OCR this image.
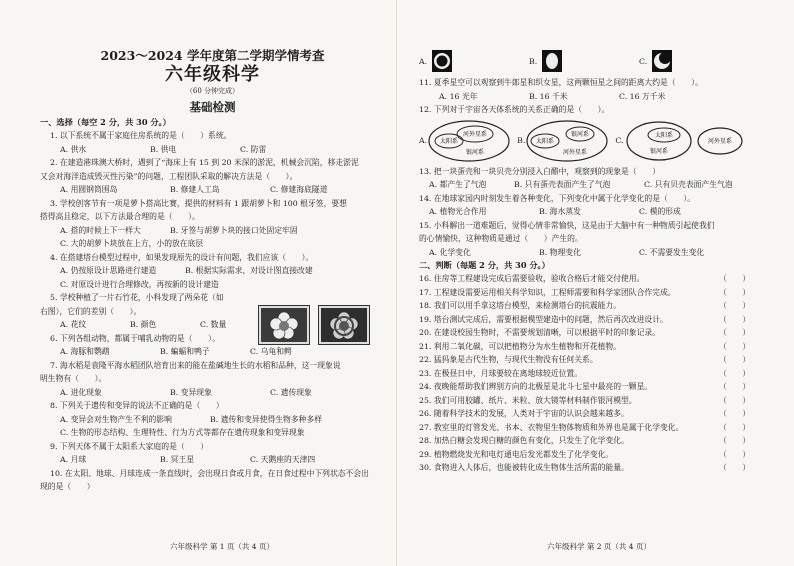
2023～2024 学年度第二学期学情考查

六年级科学

（60 分钟完成）

基础检测

一、选择（每空 2 分，共 30 分。）

1. 以下系统不属于家庭住房系统的是（　　）系统。
A. 供水	B. 供电	C. 防雷
2. 在建造港珠澳大桥时，遇到了“海床上有 15 到 20 米深的淤泥，机械会沉陷，移走淤泥
又会对海洋造成毁灭性污染”的问题，工程团队采取的解决方法是（　　）。
A. 用圆钢筒围岛	B. 修建人工岛	C. 修建海底隧道
3. 学校创客节有一项是萝卜搭高比赛，提供的材料有 1 跟胡萝卜和 100 根牙签，要想
搭得高且稳定，以下方法最合理的是（　　）。
A. 搭的时候上下一样大	B. 牙签与胡萝卜块的接口处固定牢固
C. 大的胡萝卜块放在上方，小的放在底层
4. 在搭建塔台模型过程中，如果发现原先的设计有问题，我们应该（　　）。
A. 仍按原设计思路进行建造	B. 根据实际需求，对设计图直接改建
C. 对原设计进行合理修改，再按新的设计建造
5. 学校种植了一片石竹花，小科发现了两朵花（如
右图），它们的差别（　　）。
A. 花纹	B. 颜色	C. 数量
6. 下列各组动物，都属于哺乳动物的是（　　）。
A. 海豚和鹦鹉	B. 蝙蝠和鸭子	C. 乌龟和鳄
7. 海水稻是袁隆平海水稻团队培育出来的能在盐碱地生长的水稻和品种，这一现象说
明生物有（　　）。
A. 进化现象	B. 变异现象	C. 遗传现象
8. 下列关于遗传和变异的说法不正确的是（　　）
A. 变异会对生物产生不利的影响	B. 遗传和变异使得生物多种多样
C. 生物的形态结构、生理特性、行为方式等都存在遗传现象和变异现象
9. 下列天体不属于太阳系大家庭的是（　　）
A. 月球	B. 冥王星	C. 天鹅座的天津四
10. 在太阳、地球、月球连成一条直线时，会出现日食或月食，在日食过程中下列状态不会出
现的是（　　）
六年级科学 第 1 页（共 4 页）
A.	B.	C.
11. 夏季星空可以观察到牛郎星和织女星，这两颗恒星之间的距离大约是（　　）。
A. 16 光年	B. 16 千米	C. 16 万千米
12. 下列对于宇宙各天体系统的关系正确的是（　　）。
A.
河外星系
太阳系
银河系
B. 太阳系
银河系
河外星系
C.
太阳系
银河系
河外星系
13. 把一块蛋壳和一块贝壳分别浸入白醋中，观察到的现象是（　　）
A. 都产生了气泡	B. 只有蛋壳表面产生了气泡	C. 只有贝壳表面产生气泡
14. 在地球家园内时刻发生着各种变化，下列变化中属于化学变化的是（　　）。
A. 植物光合作用	B. 海水蒸发	C. 模的形成
15. 小科解出一道难题后，觉得心情非常愉快，这是由于大脑中有一种物质引起使我们
的心情愉快，这种物质是通过（　　）产生的。
A. 化学变化	B. 物理变化	C. 不需要发生变化

二、判断（每题 2 分，共 30 分。）

16. 住房等工程建设完成后需要验收，验收合格后才能交付使用。	（　　）
17. 工程建设需要运用相关科学知识，工程师需要和科学家团队合作完成。	（　　）
18. 我们可以用手拿这塔台模型，来检测塔台的抗震能力。	（　　）
19. 塔台测试完成后，需要根据模型建造中的问题，然后再次改进设计。	（　　）
20. 在建设校园生物时，不需要规划清晰，可以根据平时的印象记录。	（　　）
21. 利用二氧化碳，可以把植物分为水生植物和开花植物。	（　　）
22. 猛犸象是古代生物，与现代生物没有任何关系。	（　　）
23. 在极昼日中，月球要较在离地球较近位置。	（　　）
24. 夜晚能帮助我们辨别方向的北极星是北斗七星中最亮的一颗星。	（　　）
25. 我们可用胶罐、纸片、米粒、放大镜等材料制作银河模型。	（　　）
26. 随着科学技术的发展，人类对于宇宙的认识会越来越多。	（　　）
27. 教室里的灯管发光、书本、衣物里生物体物质和外界也是属于化学变化。	（　　）
28. 加热白糖会发现白糖的颜色有变化，只发生了化学变化。	（　　）
29. 植物燃烧发光和电灯通电后发光都发生了化学变化。	（　　）
30. 食物进入人体后，也能被转化成生物体生活所需的能量。	（　　）
六年级科学 第 2 页（共 4 页）
